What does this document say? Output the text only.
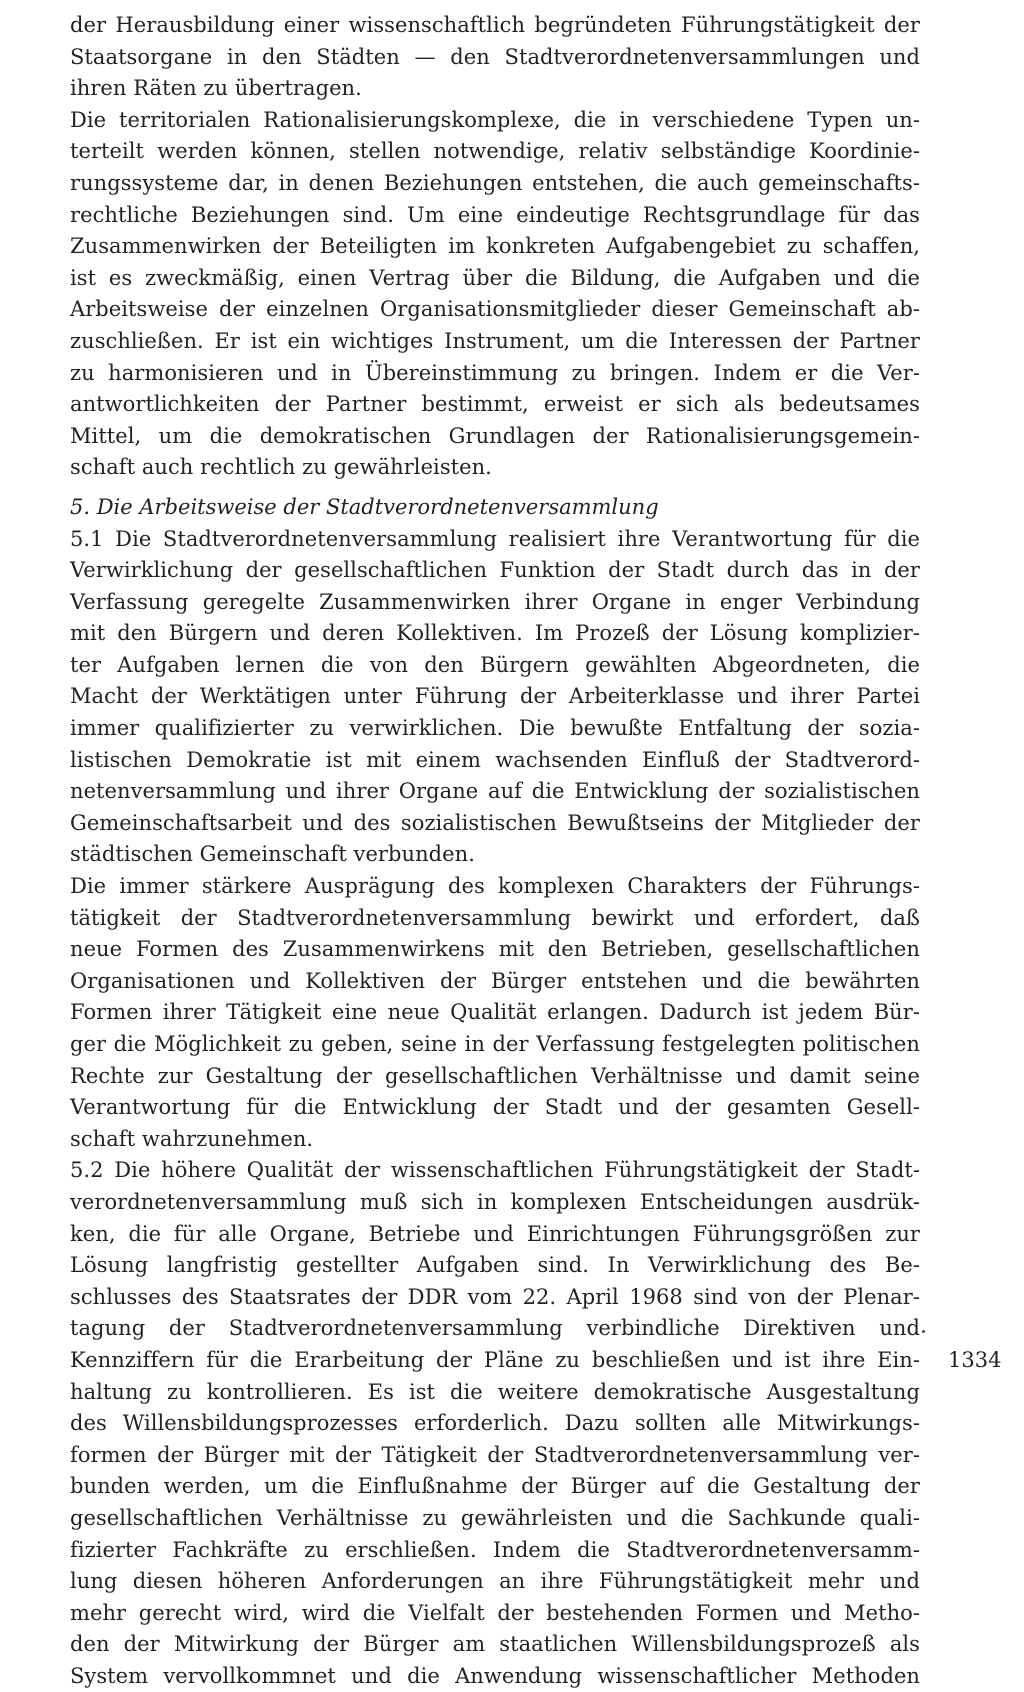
der Herausbildung einer wissenschaftlich begründeten Führungstätigkeit der
Staatsorgane in den Städten — den Stadtverordnetenversammlungen und
ihren Räten zu übertragen.
Die territorialen Rationalisierungskomplexe, die in verschiedene Typen un-
terteilt werden können, stellen notwendige, relativ selbständige Koordinie-
rungssysteme dar, in denen Beziehungen entstehen, die auch gemeinschafts-
rechtliche Beziehungen sind. Um eine eindeutige Rechtsgrundlage für das
Zusammenwirken der Beteiligten im konkreten Aufgabengebiet zu schaffen,
ist es zweckmäßig, einen Vertrag über die Bildung, die Aufgaben und die
Arbeitsweise der einzelnen Organisationsmitglieder dieser Gemeinschaft ab-
zuschließen. Er ist ein wichtiges Instrument, um die Interessen der Partner
zu harmonisieren und in Übereinstimmung zu bringen. Indem er die Ver-
antwortlichkeiten der Partner bestimmt, erweist er sich als bedeutsames
Mittel, um die demokratischen Grundlagen der Rationalisierungsgemein-
schaft auch rechtlich zu gewährleisten.
5. Die Arbeitsweise der Stadtverordnetenversammlung
5.1 Die Stadtverordnetenversammlung realisiert ihre Verantwortung für die
Verwirklichung der gesellschaftlichen Funktion der Stadt durch das in der
Verfassung geregelte Zusammenwirken ihrer Organe in enger Verbindung
mit den Bürgern und deren Kollektiven. Im Prozeß der Lösung komplizier-
ter Aufgaben lernen die von den Bürgern gewählten Abgeordneten, die
Macht der Werktätigen unter Führung der Arbeiterklasse und ihrer Partei
immer qualifizierter zu verwirklichen. Die bewußte Entfaltung der sozia-
listischen Demokratie ist mit einem wachsenden Einfluß der Stadtverord-
netenversammlung und ihrer Organe auf die Entwicklung der sozialistischen
Gemeinschaftsarbeit und des sozialistischen Bewußtseins der Mitglieder der
städtischen Gemeinschaft verbunden.
Die immer stärkere Ausprägung des komplexen Charakters der Führungs-
tätigkeit der Stadtverordnetenversammlung bewirkt und erfordert, daß
neue Formen des Zusammenwirkens mit den Betrieben, gesellschaftlichen
Organisationen und Kollektiven der Bürger entstehen und die bewährten
Formen ihrer Tätigkeit eine neue Qualität erlangen. Dadurch ist jedem Bür-
ger die Möglichkeit zu geben, seine in der Verfassung festgelegten politischen
Rechte zur Gestaltung der gesellschaftlichen Verhältnisse und damit seine
Verantwortung für die Entwicklung der Stadt und der gesamten Gesell-
schaft wahrzunehmen.
5.2 Die höhere Qualität der wissenschaftlichen Führungstätigkeit der Stadt-
verordnetenversammlung muß sich in komplexen Entscheidungen ausdrük-
ken, die für alle Organe, Betriebe und Einrichtungen Führungsgrößen zur
Lösung langfristig gestellter Aufgaben sind. In Verwirklichung des Be-
schlusses des Staatsrates der DDR vom 22. April 1968 sind von der Plenar-
tagung der Stadtverordnetenversammlung verbindliche Direktiven und
Kennziffern für die Erarbeitung der Pläne zu beschließen und ist ihre Ein-
haltung zu kontrollieren. Es ist die weitere demokratische Ausgestaltung
des Willensbildungsprozesses erforderlich. Dazu sollten alle Mitwirkungs-
formen der Bürger mit der Tätigkeit der Stadtverordnetenversammlung ver-
bunden werden, um die Einflußnahme der Bürger auf die Gestaltung der
gesellschaftlichen Verhältnisse zu gewährleisten und die Sachkunde quali-
fizierter Fachkräfte zu erschließen. Indem die Stadtverordnetenversamm-
lung diesen höheren Anforderungen an ihre Führungstätigkeit mehr und
mehr gerecht wird, wird die Vielfalt der bestehenden Formen und Metho-
den der Mitwirkung der Bürger am staatlichen Willensbildungsprozeß als
System vervollkommnet und die Anwendung wissenschaftlicher Methoden
1334
